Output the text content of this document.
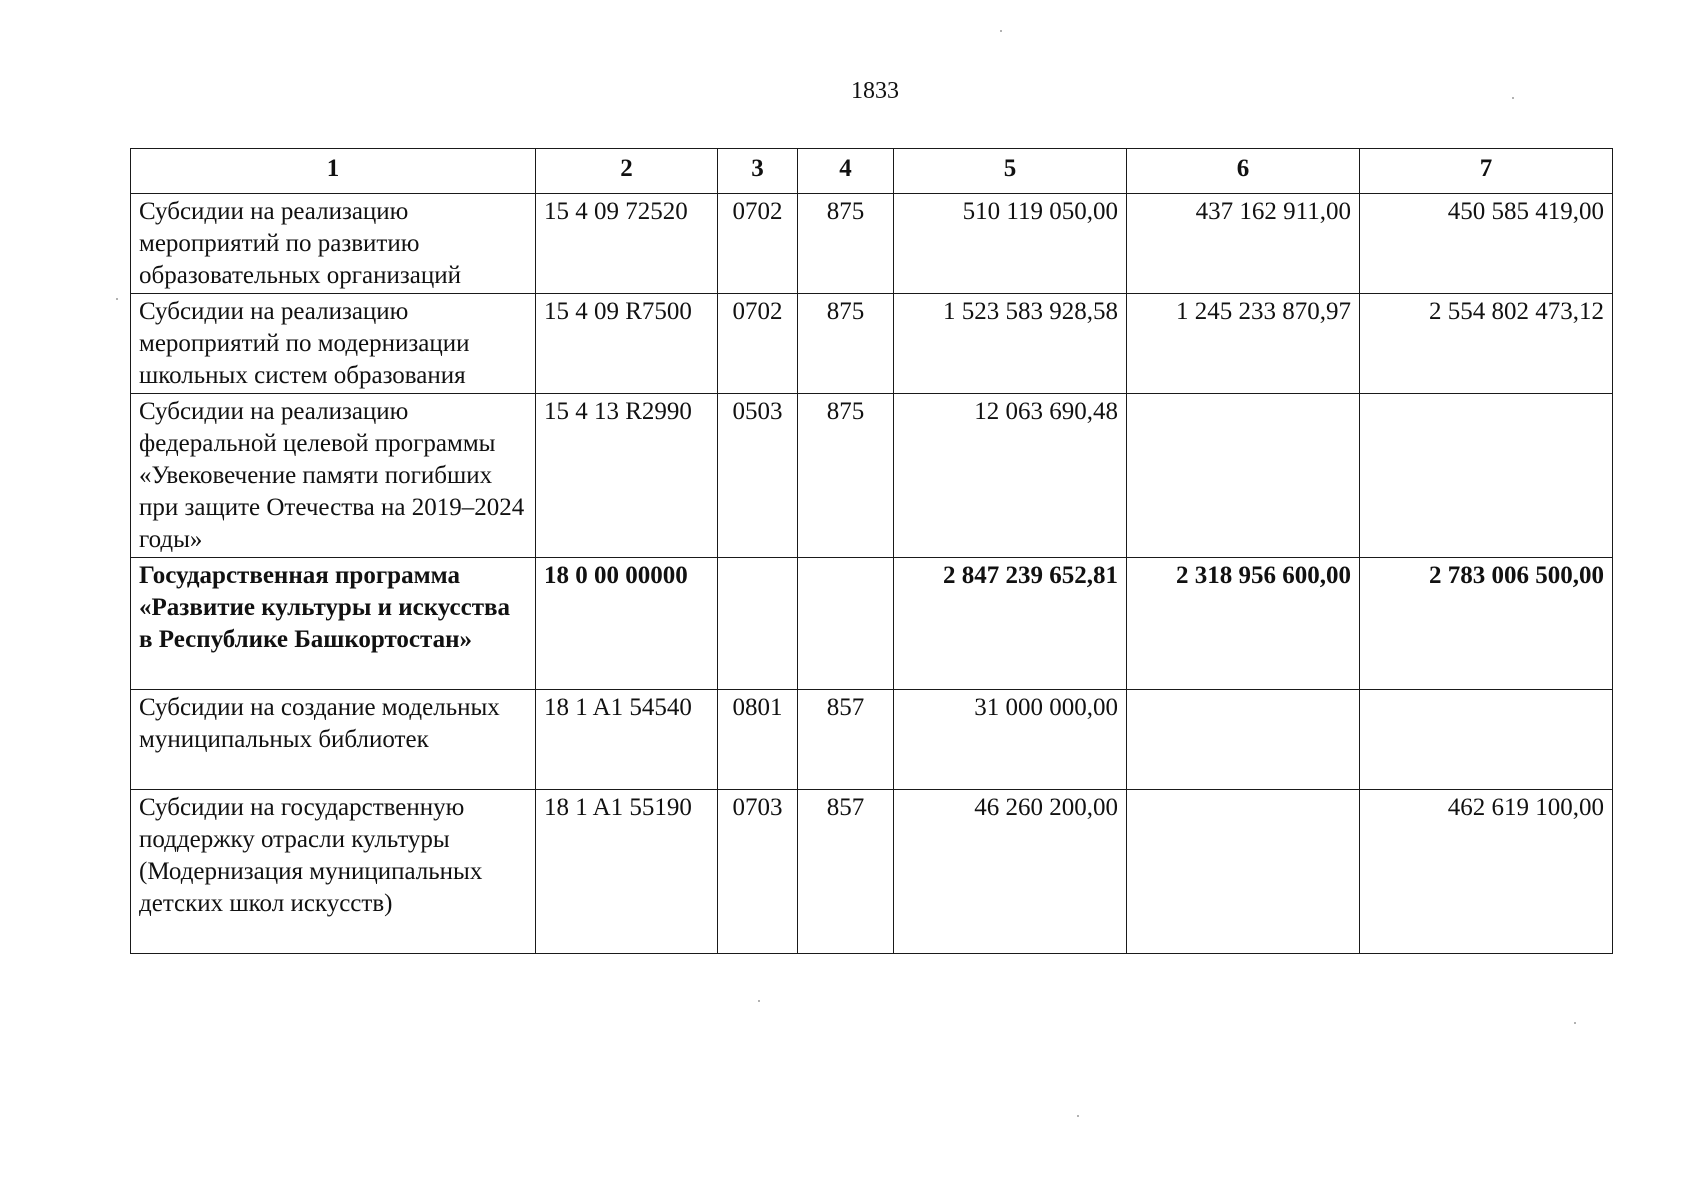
1833
1	2	3	4	5	6	7
Субсидии на реализацию мероприятий по развитию образовательных организаций	15 4 09 72520	0702	875	510 119 050,00	437 162 911,00	450 585 419,00
Субсидии на реализацию мероприятий по модернизации школьных систем образования	15 4 09 R7500	0702	875	1 523 583 928,58	1 245 233 870,97	2 554 802 473,12
Субсидии на реализацию федеральной целевой программы «Увековечение памяти погибших при защите Отечества на 2019–2024 годы»	15 4 13 R2990	0503	875	12 063 690,48		
Государственная программа «Развитие культуры и искусства в Республике Башкортостан»	18 0 00 00000			2 847 239 652,81	2 318 956 600,00	2 783 006 500,00
Субсидии на создание модельных муниципальных библиотек	18 1 A1 54540	0801	857	31 000 000,00		
Субсидии на государственную поддержку отрасли культуры (Модернизация муниципальных детских школ искусств)	18 1 A1 55190	0703	857	46 260 200,00		462 619 100,00
